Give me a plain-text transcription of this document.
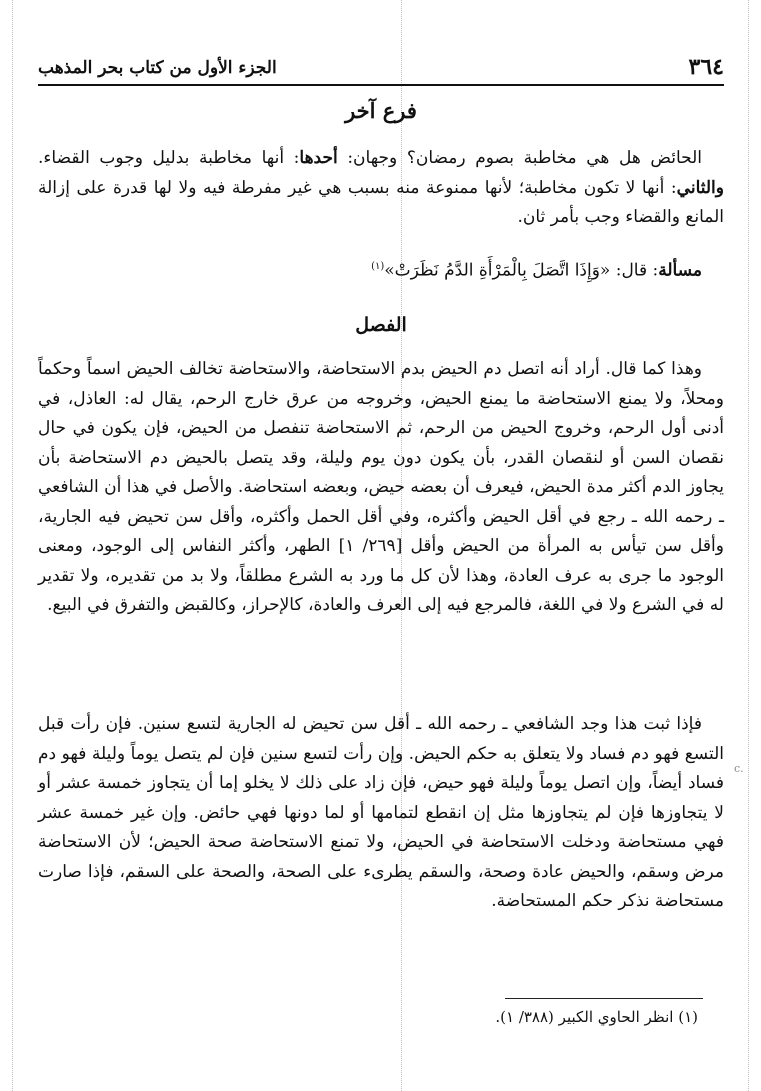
٣٦٤
الجزء الأول من كتاب بحر المذهب
فرع آخر

الحائض هل هي مخاطبة بصوم رمضان؟ وجهان: أحدها: أنها مخاطبة بدليل وجوب القضاء. والثاني: أنها لا تكون مخاطبة؛ لأنها ممنوعة منه بسبب هي غير مفرطة فيه ولا لها قدرة على إزالة المانع والقضاء وجب بأمر ثان.

مسألة: قال: «وَإِذَا اتَّصَلَ بِالْمَرْأَةِ الدَّمُ نَظَرَتْ»$^{(١)}$

الفصل

وهذا كما قال. أراد أنه اتصل دم الحيض بدم الاستحاضة، والاستحاضة تخالف الحيض اسماً وحكماً ومحلاً، ولا يمنع الاستحاضة ما يمنع الحيض، وخروجه من عرق خارج الرحم، يقال له: العاذل، في أدنى أول الرحم، وخروج الحيض من الرحم، ثم الاستحاضة تنفصل من الحيض، فإن يكون في حال نقصان السن أو لنقصان القدر، بأن يكون دون يوم وليلة، وقد يتصل بالحيض دم الاستحاضة بأن يجاوز الدم أكثر مدة الحيض، فيعرف أن بعضه حيض، وبعضه استحاضة. والأصل في هذا أن الشافعي ـ رحمه الله ـ رجع في أقل الحيض وأكثره، وفي أقل الحمل وأكثره، وأقل سن تحيض فيه الجارية، وأقل سن تيأس به المرأة من الحيض وأقل [٢٦٩/ ١] الطهر، وأكثر النفاس إلى الوجود، ومعنى الوجود ما جرى به عرف العادة، وهذا لأن كل ما ورد به الشرع مطلقاً، ولا بد من تقديره، ولا تقدير له في الشرع ولا في اللغة، فالمرجع فيه إلى العرف والعادة، كالإحراز، وكالقبض والتفرق في البيع.

فإذا ثبت هذا وجد الشافعي ـ رحمه الله ـ أقل سن تحيض له الجارية لتسع سنين. فإن رأت قبل التسع فهو دم فساد ولا يتعلق به حكم الحيض. وإن رأت لتسع سنين فإن لم يتصل يوماً وليلة فهو دم فساد أيضاً، وإن اتصل يوماً وليلة فهو حيض، فإن زاد على ذلك لا يخلو إما أن يتجاوز خمسة عشر أو لا يتجاوزها فإن لم يتجاوزها مثل إن انقطع لتمامها أو لما دونها فهي حائض. وإن غير خمسة عشر فهي مستحاضة ودخلت الاستحاضة في الحيض، ولا تمنع الاستحاضة صحة الحيض؛ لأن الاستحاضة مرض وسقم، والحيض عادة وصحة، والسقم يطرىء على الصحة، والصحة على السقم، فإذا صارت مستحاضة نذكر حكم المستحاضة.

c.
(١) انظر الحاوي الكبير (٣٨٨/ ١).
